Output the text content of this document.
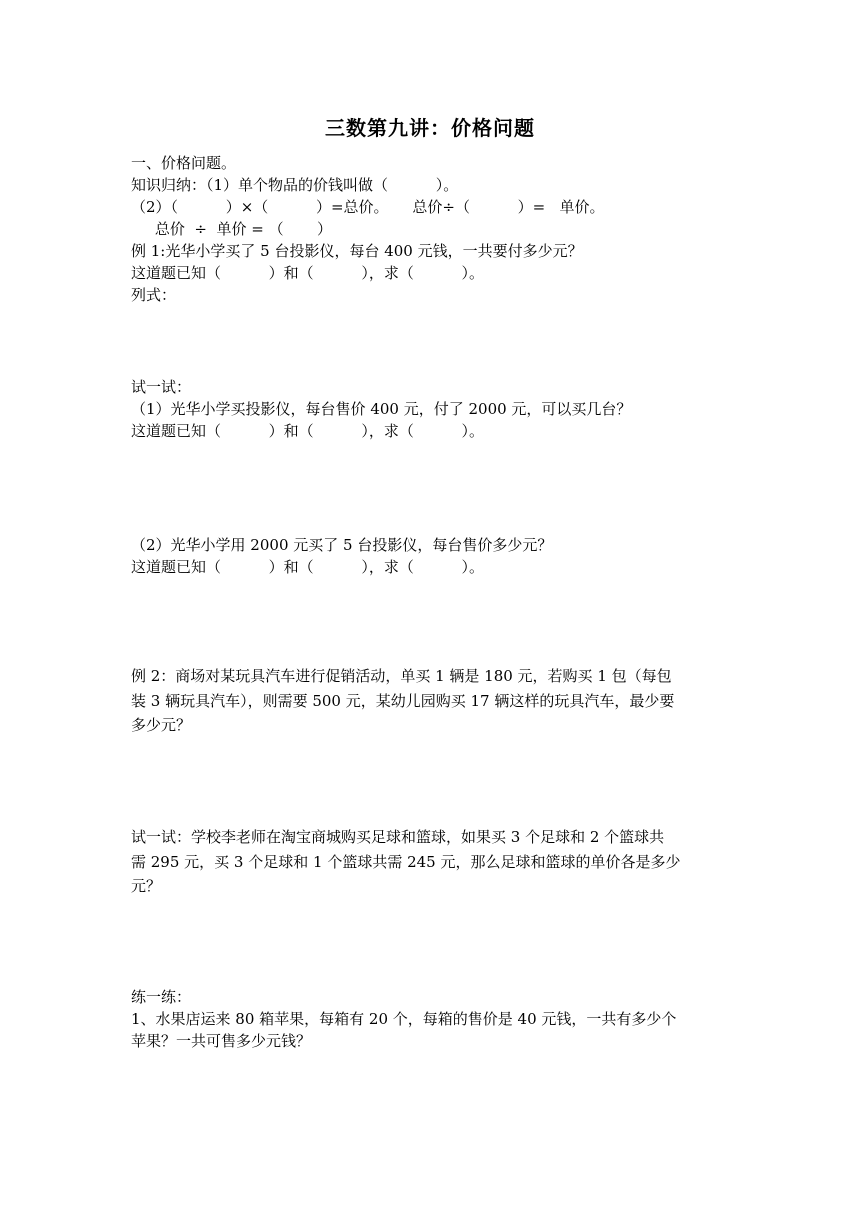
三数第九讲：价格问题
一、价格问题。
知识归纳：（1）单个物品的价钱叫做（          ）。
（2）（          ）×（          ）=总价。     总价÷（          ）=   单价。
总价  ÷  单价 = （       ）
例 1:光华小学买了 5 台投影仪，每台 400 元钱，一共要付多少元？
这道题已知（          ）和（          ），求（          ）。
列式：
试一试：
（1）光华小学买投影仪，每台售价 400 元，付了 2000 元，可以买几台？
这道题已知（          ）和（          ），求（          ）。
（2）光华小学用 2000 元买了 5 台投影仪，每台售价多少元？
这道题已知（          ）和（          ），求（          ）。
例 2：商场对某玩具汽车进行促销活动，单买 1 辆是 180 元，若购买 1 包（每包
装 3 辆玩具汽车），则需要 500 元，某幼儿园购买 17 辆这样的玩具汽车，最少要
多少元？
试一试：学校李老师在淘宝商城购买足球和篮球，如果买 3 个足球和 2 个篮球共
需 295 元，买 3 个足球和 1 个篮球共需 245 元，那么足球和篮球的单价各是多少
元？
练一练：
1、水果店运来 80 箱苹果，每箱有 20 个，每箱的售价是 40 元钱，一共有多少个
苹果？一共可售多少元钱？
